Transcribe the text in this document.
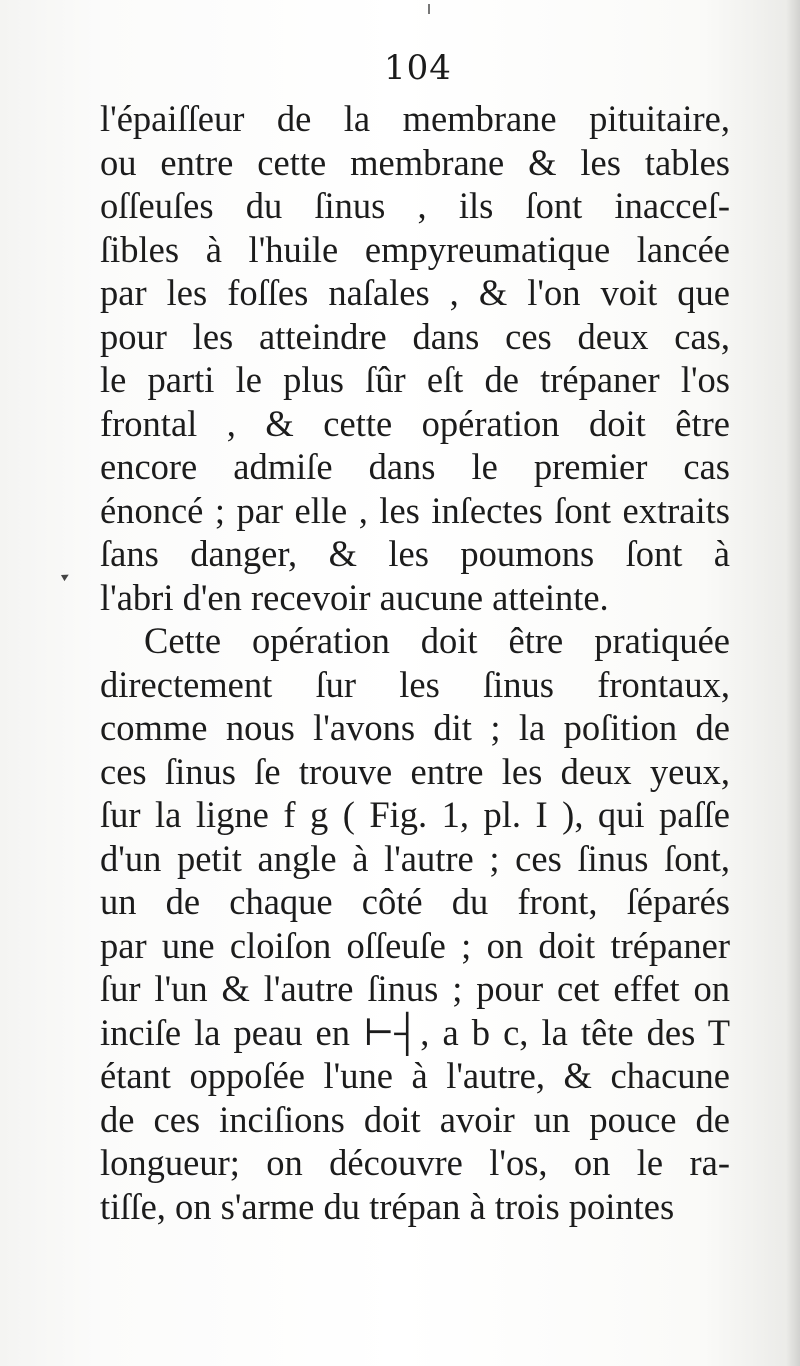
104
▸
l'épaiſſeur de la membrane pituitaire,
ou entre cette membrane & les tables
oſſeuſes du ſinus , ils ſont inacceſ-
ſibles à l'huile empyreumatique lancée
par les foſſes naſales , & l'on voit que
pour les atteindre dans ces deux cas,
le parti le plus ſûr eſt de trépaner l'os
frontal , & cette opération doit être
encore admiſe dans le premier cas
énoncé ; par elle , les inſectes ſont extraits
ſans danger, & les poumons ſont à
l'abri d'en recevoir aucune atteinte.
Cette opération doit être pratiquée
directement ſur les ſinus frontaux,
comme nous l'avons dit ; la poſition de
ces ſinus ſe trouve entre les deux yeux,
ſur la ligne f g ( Fig. 1, pl. I ), qui paſſe
d'un petit angle à l'autre ; ces ſinus ſont,
un de chaque côté du front, ſéparés
par une cloiſon oſſeuſe ; on doit trépaner
ſur l'un & l'autre ſinus ; pour cet effet on
inciſe la peau en ⊢┤, a b c, la tête des T
étant oppoſée l'une à l'autre, & chacune
de ces inciſions doit avoir un pouce de
longueur; on découvre l'os, on le ra-
tiſſe, on s'arme du trépan à trois pointes
